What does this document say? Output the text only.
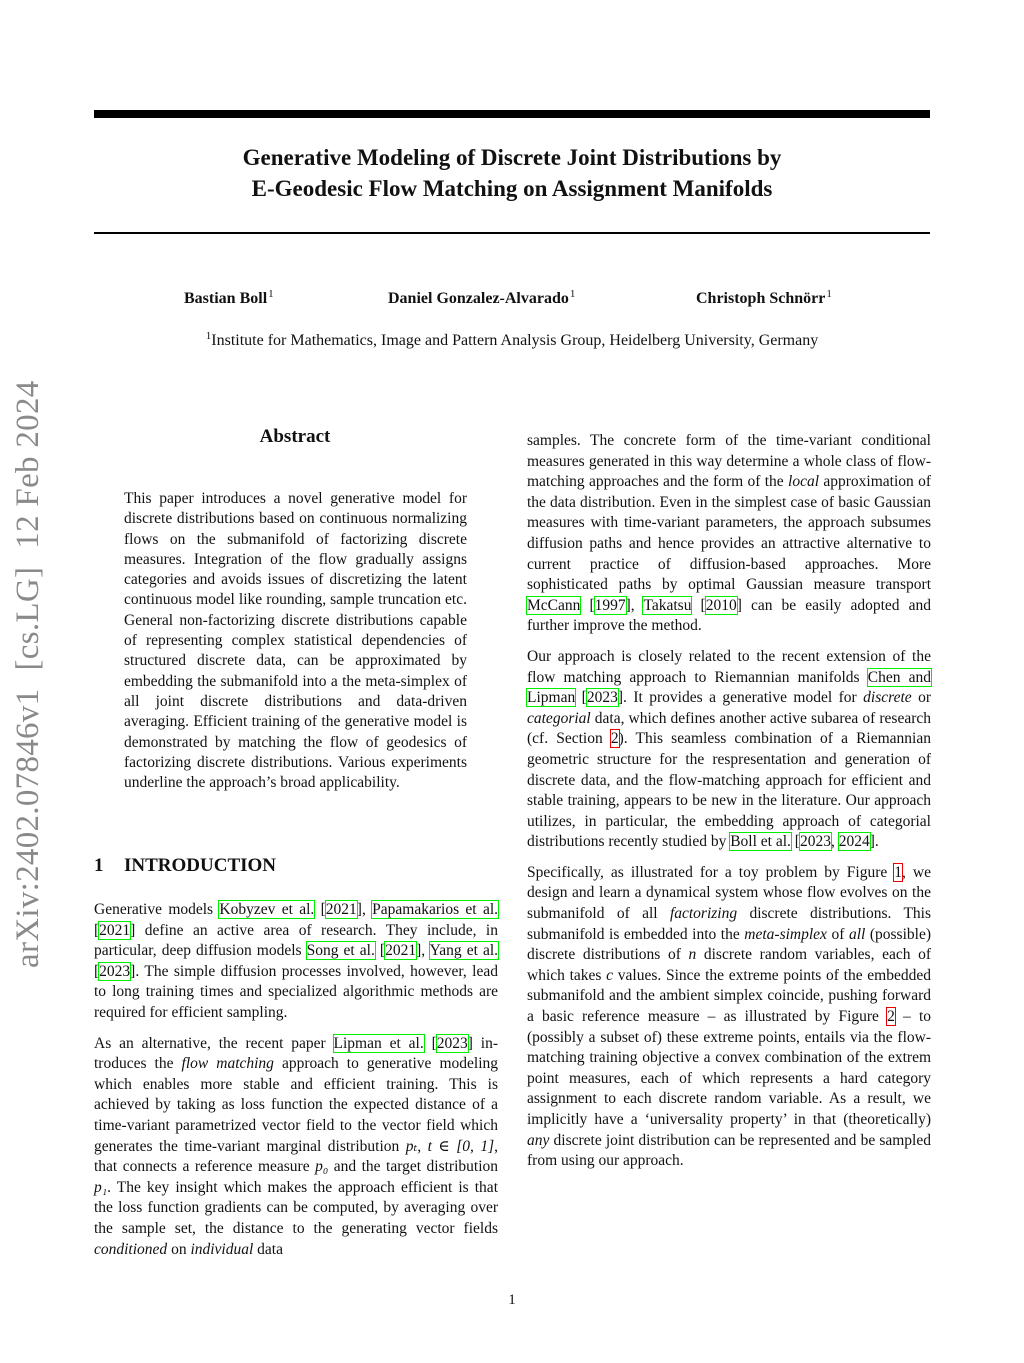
Generative Modeling of Discrete Joint Distributions by
E-Geodesic Flow Matching on Assignment Manifolds
Bastian Boll$^1$	Daniel Gonzalez-Alvarado$^1$	Christoph Schnörr$^1$
$^1$Institute for Mathematics, Image and Pattern Analysis Group, Heidelberg University, Germany
arXiv:2402.07846v1[cs.LG]12 Feb 2024	Abstract
This paper introduces a novel generative model for discrete distributions based on continuous normalizing flows on the submanifold of factorizing discrete measures. Integration of the flow gradually assigns categories and avoids issues of discretizing the latent continuous model like rounding, sample truncation etc. General non-factorizing discrete distributions capable of representing complex statistical dependencies of structured discrete data, can be approximated by embedding the submanifold into a the meta-simplex of all joint discrete distributions and data-driven averaging. Efficient training of the generative model is demonstrated by matching the flow of geodesics of factorizing discrete distributions. Various experiments underline the approach’s broad applicability.
1 INTRODUCTION

Generative models Kobyzev et al. [2021], Papamakarios et al. [2021] define an active area of research. They include, in particular, deep diffusion models Song et al. [2021], Yang et al. [2023]. The simple diffusion processes involved, however, lead to long training times and specialized algorithmic methods are required for efficient sampling.

As an alternative, the recent paper Lipman et al. [2023] introduces the flow matching approach to generative modeling which enables more stable and efficient training. This is achieved by taking as loss function the expected distance of a time-variant parametrized vector field to the vector field which generates the time-variant marginal distribution pₜ, t ∈ [0, 1], that connects a reference measure p₀ and the target distribution p₁. The key insight which makes the approach efficient is that the loss function gradients can be computed, by averaging over the sample set, the distance to the generating vector fields conditioned on individual data

samples. The concrete form of the time-variant conditional measures generated in this way determine a whole class of flow-matching approaches and the form of the local approximation of the data distribution. Even in the simplest case of basic Gaussian measures with time-variant parameters, the approach subsumes diffusion paths and hence provides an attractive alternative to current practice of diffusion-based approaches. More sophisticated paths by optimal Gaussian measure transport McCann [1997], Takatsu [2010] can be easily adopted and further improve the method.

Our approach is closely related to the recent extension of the flow matching approach to Riemannian manifolds Chen and Lipman [2023]. It provides a generative model for discrete or categorial data, which defines another active subarea of research (cf. Section 2). This seamless combination of a Riemannian geometric structure for the respresentation and generation of discrete data, and the flow-matching approach for efficient and stable training, appears to be new in the literature. Our approach utilizes, in particular, the embedding approach of categorial distributions recently studied by Boll et al. [2023, 2024].

Specifically, as illustrated for a toy problem by Figure 1, we design and learn a dynamical system whose flow evolves on the submanifold of all factorizing discrete distributions. This submanifold is embedded into the meta-simplex of all (possible) discrete distributions of n discrete random variables, each of which takes c values. Since the extreme points of the embedded submanifold and the ambient simplex coincide, pushing forward a basic reference measure – as illustrated by Figure 2 – to (possibly a subset of) these extreme points, entails via the flow-matching training objective a convex combination of the extrem point measures, each of which represents a hard category assignment to each discrete random variable. As a result, we implicitly have a ‘universality property’ in that (theoretically) any discrete joint distribution can be represented and be sampled from using our approach.

1
